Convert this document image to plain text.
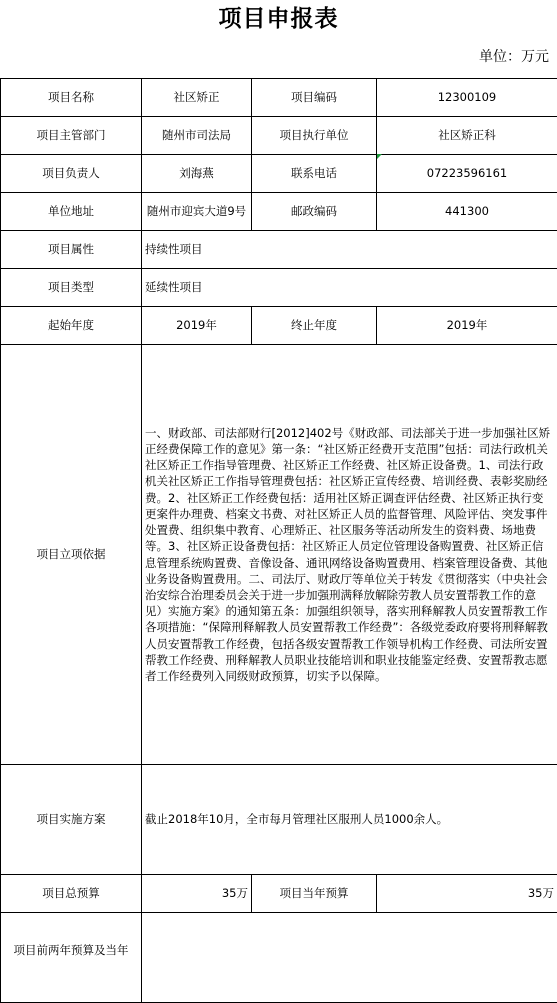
项目申报表
单位：万元
项目名称	社区矫正	项目编码	12300109
项目主管部门	随州市司法局	项目执行单位	社区矫正科
项目负责人	刘海燕	联系电话	07223596161
单位地址	随州市迎宾大道9号	邮政编码	441300
项目属性	持续性项目		
项目类型	延续性项目		
起始年度	2019年	终止年度	2019年
项目立项依据	一、财政部、司法部财行[2012]402号《财政部、司法部关于进一步加强社区矫正经费保障工作的意见》第一条：“社区矫正经费开支范围”包括：司法行政机关社区矫正工作指导管理费、社区矫正工作经费、社区矫正设备费。1、司法行政机关社区矫正工作指导管理费包括：社区矫正宣传经费、培训经费、表彰奖励经费。2、社区矫正工作经费包括：适用社区矫正调查评估经费、社区矫正执行变更案件办理费、档案文书费、对社区矫正人员的监督管理、风险评估、突发事件处置费、组织集中教育、心理矫正、社区服务等活动所发生的资料费、场地费等。3、社区矫正设备费包括：社区矫正人员定位管理设备购置费、社区矫正信息管理系统购置费、音像设备、通讯网络设备购置费用、档案管理设备费、其他业务设备购置费用。二、司法厅、财政厅等单位关于转发《贯彻落实（中央社会治安综合治理委员会关于进一步加强刑满释放解除劳教人员安置帮教工作的意见）实施方案》的通知第五条：加强组织领导，落实刑释解教人员安置帮教工作各项措施：“保障刑释解教人员安置帮教工作经费”：各级党委政府要将刑释解教人员安置帮教工作经费，包括各级安置帮教工作领导机构工作经费、司法所安置帮教工作经费、刑释解教人员职业技能培训和职业技能鉴定经费、安置帮教志愿者工作经费列入同级财政预算，切实予以保障。		
项目实施方案	截止2018年10月，全市每月管理社区服刑人员1000余人。		
项目总预算	35万	项目当年预算	35万
项目前两年预算及当年			
